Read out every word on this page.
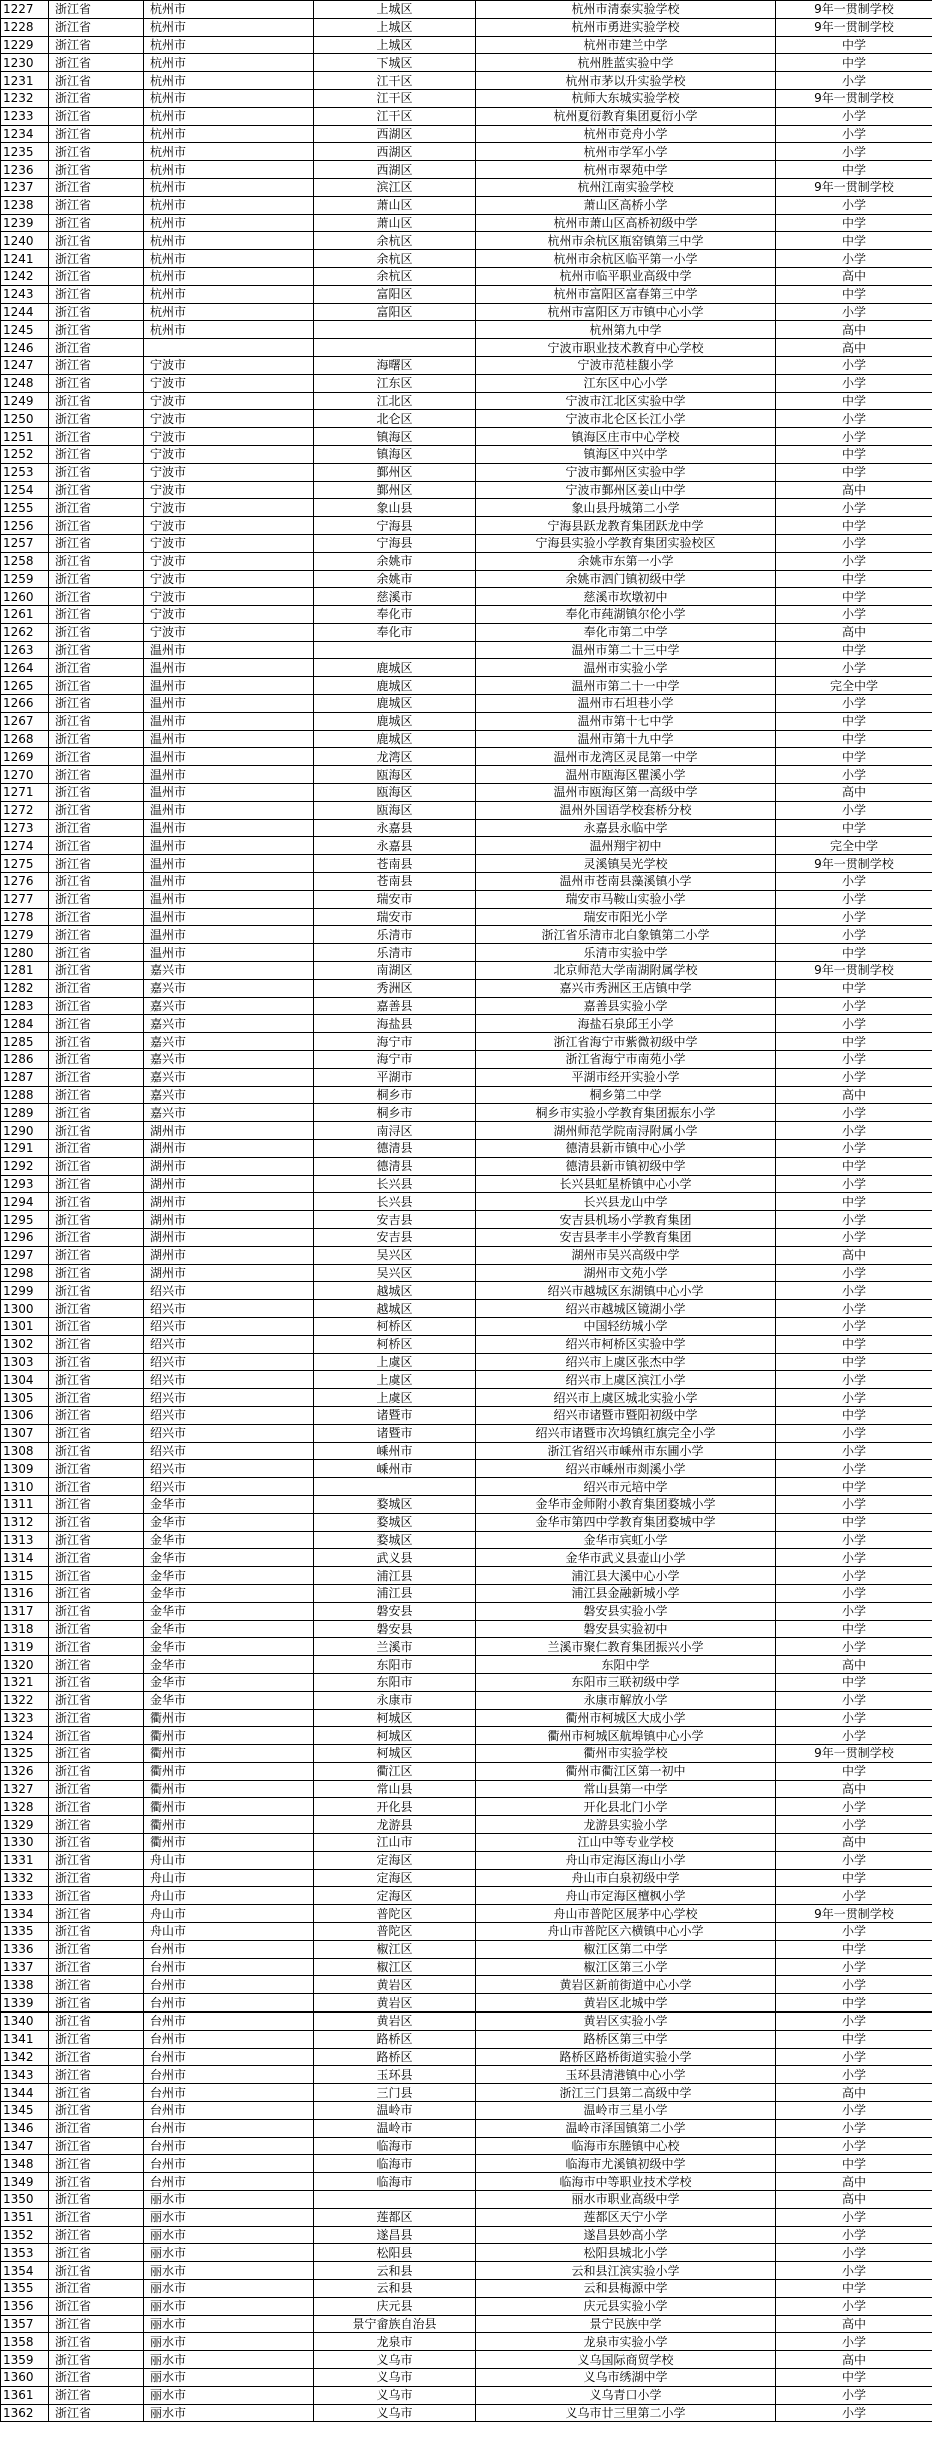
1227	浙江省	杭州市	上城区	杭州市清泰实验学校	9年一贯制学校
1228	浙江省	杭州市	上城区	杭州市勇进实验学校	9年一贯制学校
1229	浙江省	杭州市	上城区	杭州市建兰中学	中学
1230	浙江省	杭州市	下城区	杭州胜蓝实验中学	中学
1231	浙江省	杭州市	江干区	杭州市茅以升实验学校	小学
1232	浙江省	杭州市	江干区	杭师大东城实验学校	9年一贯制学校
1233	浙江省	杭州市	江干区	杭州夏衍教育集团夏衍小学	小学
1234	浙江省	杭州市	西湖区	杭州市竞舟小学	小学
1235	浙江省	杭州市	西湖区	杭州市学军小学	小学
1236	浙江省	杭州市	西湖区	杭州市翠苑中学	中学
1237	浙江省	杭州市	滨江区	杭州江南实验学校	9年一贯制学校
1238	浙江省	杭州市	萧山区	萧山区高桥小学	小学
1239	浙江省	杭州市	萧山区	杭州市萧山区高桥初级中学	中学
1240	浙江省	杭州市	余杭区	杭州市余杭区瓶窑镇第三中学	中学
1241	浙江省	杭州市	余杭区	杭州市余杭区临平第一小学	小学
1242	浙江省	杭州市	余杭区	杭州市临平职业高级中学	高中
1243	浙江省	杭州市	富阳区	杭州市富阳区富春第三中学	中学
1244	浙江省	杭州市	富阳区	杭州市富阳区万市镇中心小学	小学
1245	浙江省	杭州市		杭州第九中学	高中
1246	浙江省			宁波市职业技术教育中心学校	高中
1247	浙江省	宁波市	海曙区	宁波市范桂馥小学	小学
1248	浙江省	宁波市	江东区	江东区中心小学	小学
1249	浙江省	宁波市	江北区	宁波市江北区实验中学	中学
1250	浙江省	宁波市	北仑区	宁波市北仑区长江小学	小学
1251	浙江省	宁波市	镇海区	镇海区庄市中心学校	小学
1252	浙江省	宁波市	镇海区	镇海区中兴中学	中学
1253	浙江省	宁波市	鄞州区	宁波市鄞州区实验中学	中学
1254	浙江省	宁波市	鄞州区	宁波市鄞州区姜山中学	高中
1255	浙江省	宁波市	象山县	象山县丹城第二小学	小学
1256	浙江省	宁波市	宁海县	宁海县跃龙教育集团跃龙中学	中学
1257	浙江省	宁波市	宁海县	宁海县实验小学教育集团实验校区	小学
1258	浙江省	宁波市	余姚市	余姚市东第一小学	小学
1259	浙江省	宁波市	余姚市	余姚市泗门镇初级中学	中学
1260	浙江省	宁波市	慈溪市	慈溪市坎墩初中	中学
1261	浙江省	宁波市	奉化市	奉化市莼湖镇尔伦小学	小学
1262	浙江省	宁波市	奉化市	奉化市第二中学	高中
1263	浙江省	温州市		温州市第二十三中学	中学
1264	浙江省	温州市	鹿城区	温州市实验小学	小学
1265	浙江省	温州市	鹿城区	温州市第二十一中学	完全中学
1266	浙江省	温州市	鹿城区	温州市石坦巷小学	小学
1267	浙江省	温州市	鹿城区	温州市第十七中学	中学
1268	浙江省	温州市	鹿城区	温州市第十九中学	中学
1269	浙江省	温州市	龙湾区	温州市龙湾区灵昆第一中学	中学
1270	浙江省	温州市	瓯海区	温州市瓯海区瞿溪小学	小学
1271	浙江省	温州市	瓯海区	温州市瓯海区第一高级中学	高中
1272	浙江省	温州市	瓯海区	温州外国语学校套桥分校	小学
1273	浙江省	温州市	永嘉县	永嘉县永临中学	中学
1274	浙江省	温州市	永嘉县	温州翔宇初中	完全中学
1275	浙江省	温州市	苍南县	灵溪镇吴光学校	9年一贯制学校
1276	浙江省	温州市	苍南县	温州市苍南县藻溪镇小学	小学
1277	浙江省	温州市	瑞安市	瑞安市马鞍山实验小学	小学
1278	浙江省	温州市	瑞安市	瑞安市阳光小学	小学
1279	浙江省	温州市	乐清市	浙江省乐清市北白象镇第二小学	小学
1280	浙江省	温州市	乐清市	乐清市实验中学	中学
1281	浙江省	嘉兴市	南湖区	北京师范大学南湖附属学校	9年一贯制学校
1282	浙江省	嘉兴市	秀洲区	嘉兴市秀洲区王店镇中学	中学
1283	浙江省	嘉兴市	嘉善县	嘉善县实验小学	小学
1284	浙江省	嘉兴市	海盐县	海盐石泉邱王小学	小学
1285	浙江省	嘉兴市	海宁市	浙江省海宁市紫微初级中学	中学
1286	浙江省	嘉兴市	海宁市	浙江省海宁市南苑小学	小学
1287	浙江省	嘉兴市	平湖市	平湖市经开实验小学	小学
1288	浙江省	嘉兴市	桐乡市	桐乡第二中学	高中
1289	浙江省	嘉兴市	桐乡市	桐乡市实验小学教育集团振东小学	小学
1290	浙江省	湖州市	南浔区	湖州师范学院南浔附属小学	小学
1291	浙江省	湖州市	德清县	德清县新市镇中心小学	小学
1292	浙江省	湖州市	德清县	德清县新市镇初级中学	中学
1293	浙江省	湖州市	长兴县	长兴县虹星桥镇中心小学	小学
1294	浙江省	湖州市	长兴县	长兴县龙山中学	中学
1295	浙江省	湖州市	安吉县	安吉县机场小学教育集团	小学
1296	浙江省	湖州市	安吉县	安吉县孝丰小学教育集团	小学
1297	浙江省	湖州市	吴兴区	湖州市吴兴高级中学	高中
1298	浙江省	湖州市	吴兴区	湖州市文苑小学	小学
1299	浙江省	绍兴市	越城区	绍兴市越城区东湖镇中心小学	小学
1300	浙江省	绍兴市	越城区	绍兴市越城区镜湖小学	小学
1301	浙江省	绍兴市	柯桥区	中国轻纺城小学	小学
1302	浙江省	绍兴市	柯桥区	绍兴市柯桥区实验中学	中学
1303	浙江省	绍兴市	上虞区	绍兴市上虞区张杰中学	中学
1304	浙江省	绍兴市	上虞区	绍兴市上虞区滨江小学	小学
1305	浙江省	绍兴市	上虞区	绍兴市上虞区城北实验小学	小学
1306	浙江省	绍兴市	诸暨市	绍兴市诸暨市暨阳初级中学	中学
1307	浙江省	绍兴市	诸暨市	绍兴市诸暨市次坞镇红旗完全小学	小学
1308	浙江省	绍兴市	嵊州市	浙江省绍兴市嵊州市东圃小学	小学
1309	浙江省	绍兴市	嵊州市	绍兴市嵊州市剡溪小学	小学
1310	浙江省	绍兴市		绍兴市元培中学	中学
1311	浙江省	金华市	婺城区	金华市金师附小教育集团婺城小学	小学
1312	浙江省	金华市	婺城区	金华市第四中学教育集团婺城中学	中学
1313	浙江省	金华市	婺城区	金华市宾虹小学	小学
1314	浙江省	金华市	武义县	金华市武义县壶山小学	小学
1315	浙江省	金华市	浦江县	浦江县大溪中心小学	小学
1316	浙江省	金华市	浦江县	浦江县金融新城小学	小学
1317	浙江省	金华市	磐安县	磐安县实验小学	小学
1318	浙江省	金华市	磐安县	磐安县实验初中	中学
1319	浙江省	金华市	兰溪市	兰溪市聚仁教育集团振兴小学	小学
1320	浙江省	金华市	东阳市	东阳中学	高中
1321	浙江省	金华市	东阳市	东阳市三联初级中学	中学
1322	浙江省	金华市	永康市	永康市解放小学	小学
1323	浙江省	衢州市	柯城区	衢州市柯城区大成小学	小学
1324	浙江省	衢州市	柯城区	衢州市柯城区航埠镇中心小学	小学
1325	浙江省	衢州市	柯城区	衢州市实验学校	9年一贯制学校
1326	浙江省	衢州市	衢江区	衢州市衢江区第一初中	中学
1327	浙江省	衢州市	常山县	常山县第一中学	高中
1328	浙江省	衢州市	开化县	开化县北门小学	小学
1329	浙江省	衢州市	龙游县	龙游县实验小学	小学
1330	浙江省	衢州市	江山市	江山中等专业学校	高中
1331	浙江省	舟山市	定海区	舟山市定海区海山小学	小学
1332	浙江省	舟山市	定海区	舟山市白泉初级中学	中学
1333	浙江省	舟山市	定海区	舟山市定海区檀枫小学	小学
1334	浙江省	舟山市	普陀区	舟山市普陀区展茅中心学校	9年一贯制学校
1335	浙江省	舟山市	普陀区	舟山市普陀区六横镇中心小学	小学
1336	浙江省	台州市	椒江区	椒江区第二中学	中学
1337	浙江省	台州市	椒江区	椒江区第三小学	小学
1338	浙江省	台州市	黄岩区	黄岩区新前街道中心小学	小学
1339	浙江省	台州市	黄岩区	黄岩区北城中学	中学
1340	浙江省	台州市	黄岩区	黄岩区实验小学	小学
1341	浙江省	台州市	路桥区	路桥区第三中学	中学
1342	浙江省	台州市	路桥区	路桥区路桥街道实验小学	小学
1343	浙江省	台州市	玉环县	玉环县清港镇中心小学	小学
1344	浙江省	台州市	三门县	浙江三门县第二高级中学	高中
1345	浙江省	台州市	温岭市	温岭市三星小学	小学
1346	浙江省	台州市	温岭市	温岭市泽国镇第二小学	小学
1347	浙江省	台州市	临海市	临海市东塍镇中心校	小学
1348	浙江省	台州市	临海市	临海市尤溪镇初级中学	中学
1349	浙江省	台州市	临海市	临海市中等职业技术学校	高中
1350	浙江省	丽水市		丽水市职业高级中学	高中
1351	浙江省	丽水市	莲都区	莲都区天宁小学	小学
1352	浙江省	丽水市	遂昌县	遂昌县妙高小学	小学
1353	浙江省	丽水市	松阳县	松阳县城北小学	小学
1354	浙江省	丽水市	云和县	云和县江滨实验小学	小学
1355	浙江省	丽水市	云和县	云和县梅源中学	中学
1356	浙江省	丽水市	庆元县	庆元县实验小学	小学
1357	浙江省	丽水市	景宁畲族自治县	景宁民族中学	高中
1358	浙江省	丽水市	龙泉市	龙泉市实验小学	小学
1359	浙江省	丽水市	义乌市	义乌国际商贸学校	高中
1360	浙江省	丽水市	义乌市	义乌市绣湖中学	中学
1361	浙江省	丽水市	义乌市	义乌青口小学	小学
1362	浙江省	丽水市	义乌市	义乌市廿三里第二小学	小学
